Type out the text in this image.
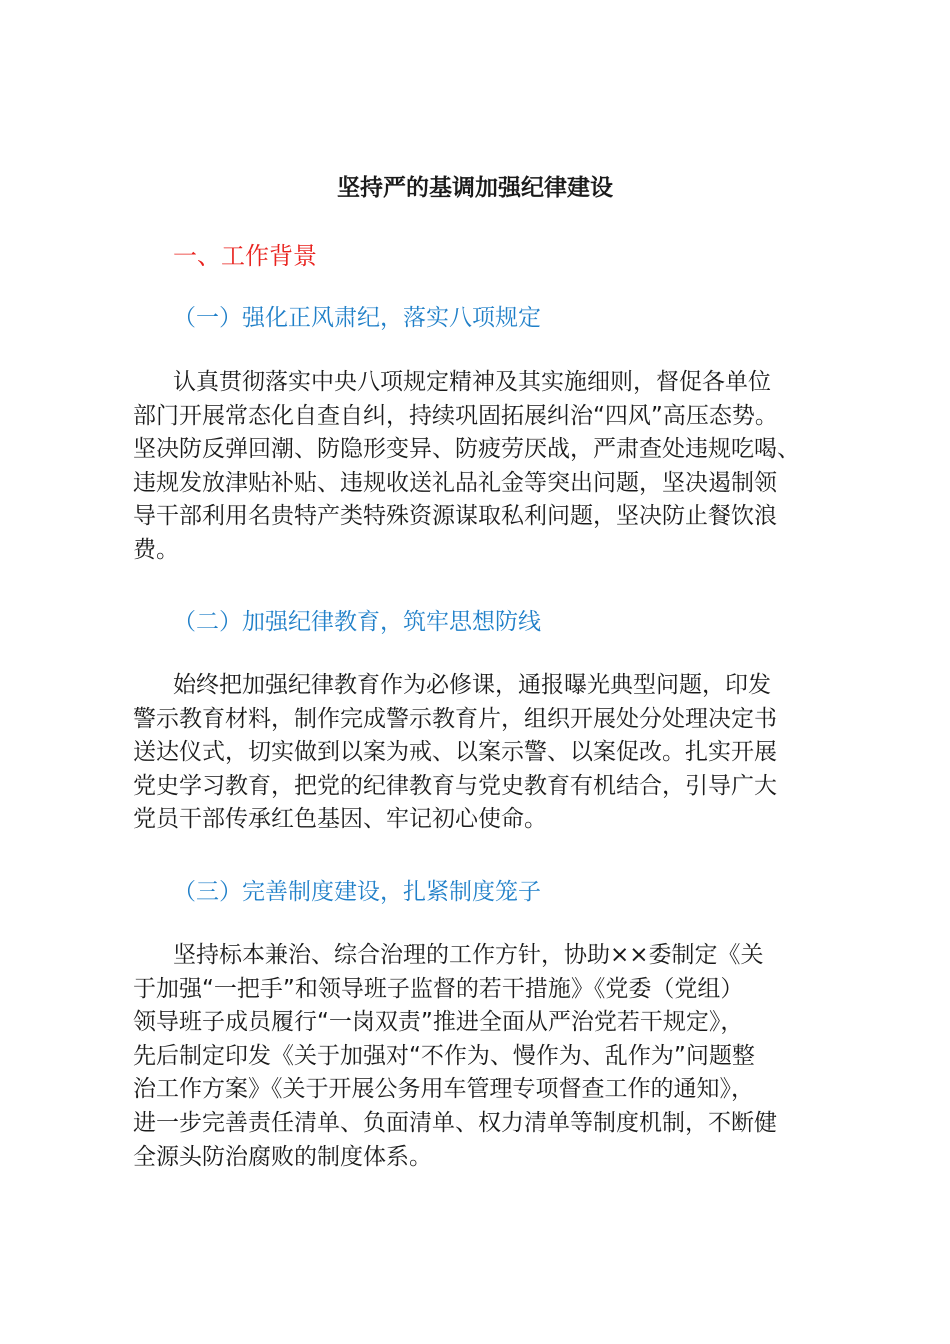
坚持严的基调加强纪律建设
一、工作背景
（一）强化正风肃纪，落实八项规定
认真贯彻落实中央八项规定精神及其实施细则，督促各单位
部门开展常态化自查自纠，持续巩固拓展纠治“四风”高压态势。
坚决防反弹回潮、防隐形变异、防疲劳厌战，严肃查处违规吃喝、
违规发放津贴补贴、违规收送礼品礼金等突出问题，坚决遏制领
导干部利用名贵特产类特殊资源谋取私利问题，坚决防止餐饮浪
费。
（二）加强纪律教育，筑牢思想防线
始终把加强纪律教育作为必修课，通报曝光典型问题，印发
警示教育材料，制作完成警示教育片，组织开展处分处理决定书
送达仪式，切实做到以案为戒、以案示警、以案促改。扎实开展
党史学习教育，把党的纪律教育与党史教育有机结合，引导广大
党员干部传承红色基因、牢记初心使命。
（三）完善制度建设，扎紧制度笼子
坚持标本兼治、综合治理的工作方针，协助××委制定《关
于加强“一把手”和领导班子监督的若干措施》《党委（党组）
领导班子成员履行“一岗双责”推进全面从严治党若干规定》，
先后制定印发《关于加强对“不作为、慢作为、乱作为”问题整
治工作方案》《关于开展公务用车管理专项督查工作的通知》，
进一步完善责任清单、负面清单、权力清单等制度机制，不断健
全源头防治腐败的制度体系。
